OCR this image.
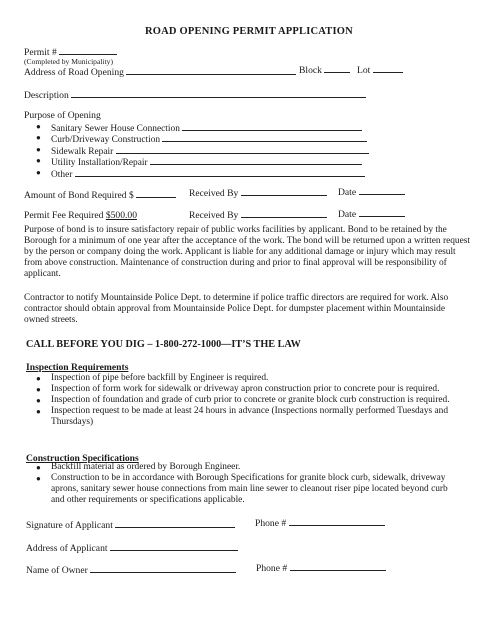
ROAD OPENING PERMIT APPLICATION
Permit #
(Completed by Municipality)
Address of Road Opening	Block	Lot
Description
Purpose of Opening
● Sanitary Sewer House Connection
● Curb/Driveway Construction
● Sidewalk Repair
● Utility Installation/Repair
● Other
Amount of Bond Required $	Received By	Date
Permit Fee Required $500.00	Received By	Date
Purpose of bond is to insure satisfactory repair of public works facilities by applicant. Bond to be retained by the Borough for a minimum of one year after the acceptance of the work. The bond will be returned upon a written request by the person or company doing the work. Applicant is liable for any additional damage or injury which may result from above construction. Maintenance of construction during and prior to final approval will be responsibility of applicant.
Contractor to notify Mountainside Police Dept. to determine if police traffic directors are required for work. Also contractor should obtain approval from Mountainside Police Dept. for dumpster placement within Mountainside owned streets.
CALL BEFORE YOU DIG – 1-800-272-1000—IT’S THE LAW
Inspection Requirements
● Inspection of pipe before backfill by Engineer is required.
● Inspection of form work for sidewalk or driveway apron construction prior to concrete pour is required.
● Inspection of foundation and grade of curb prior to concrete or granite block curb construction is required.
● Inspection request to be made at least 24 hours in advance (Inspections normally performed Tuesdays and Thursdays)
Construction Specifications
● Backfill material as ordered by Borough Engineer.
● Construction to be in accordance with Borough Specifications for granite block curb, sidewalk, driveway aprons, sanitary sewer house connections from main line sewer to cleanout riser pipe located beyond curb and other requirements or specifications applicable.
Signature of Applicant	Phone #
Address of Applicant
Name of Owner	Phone #
